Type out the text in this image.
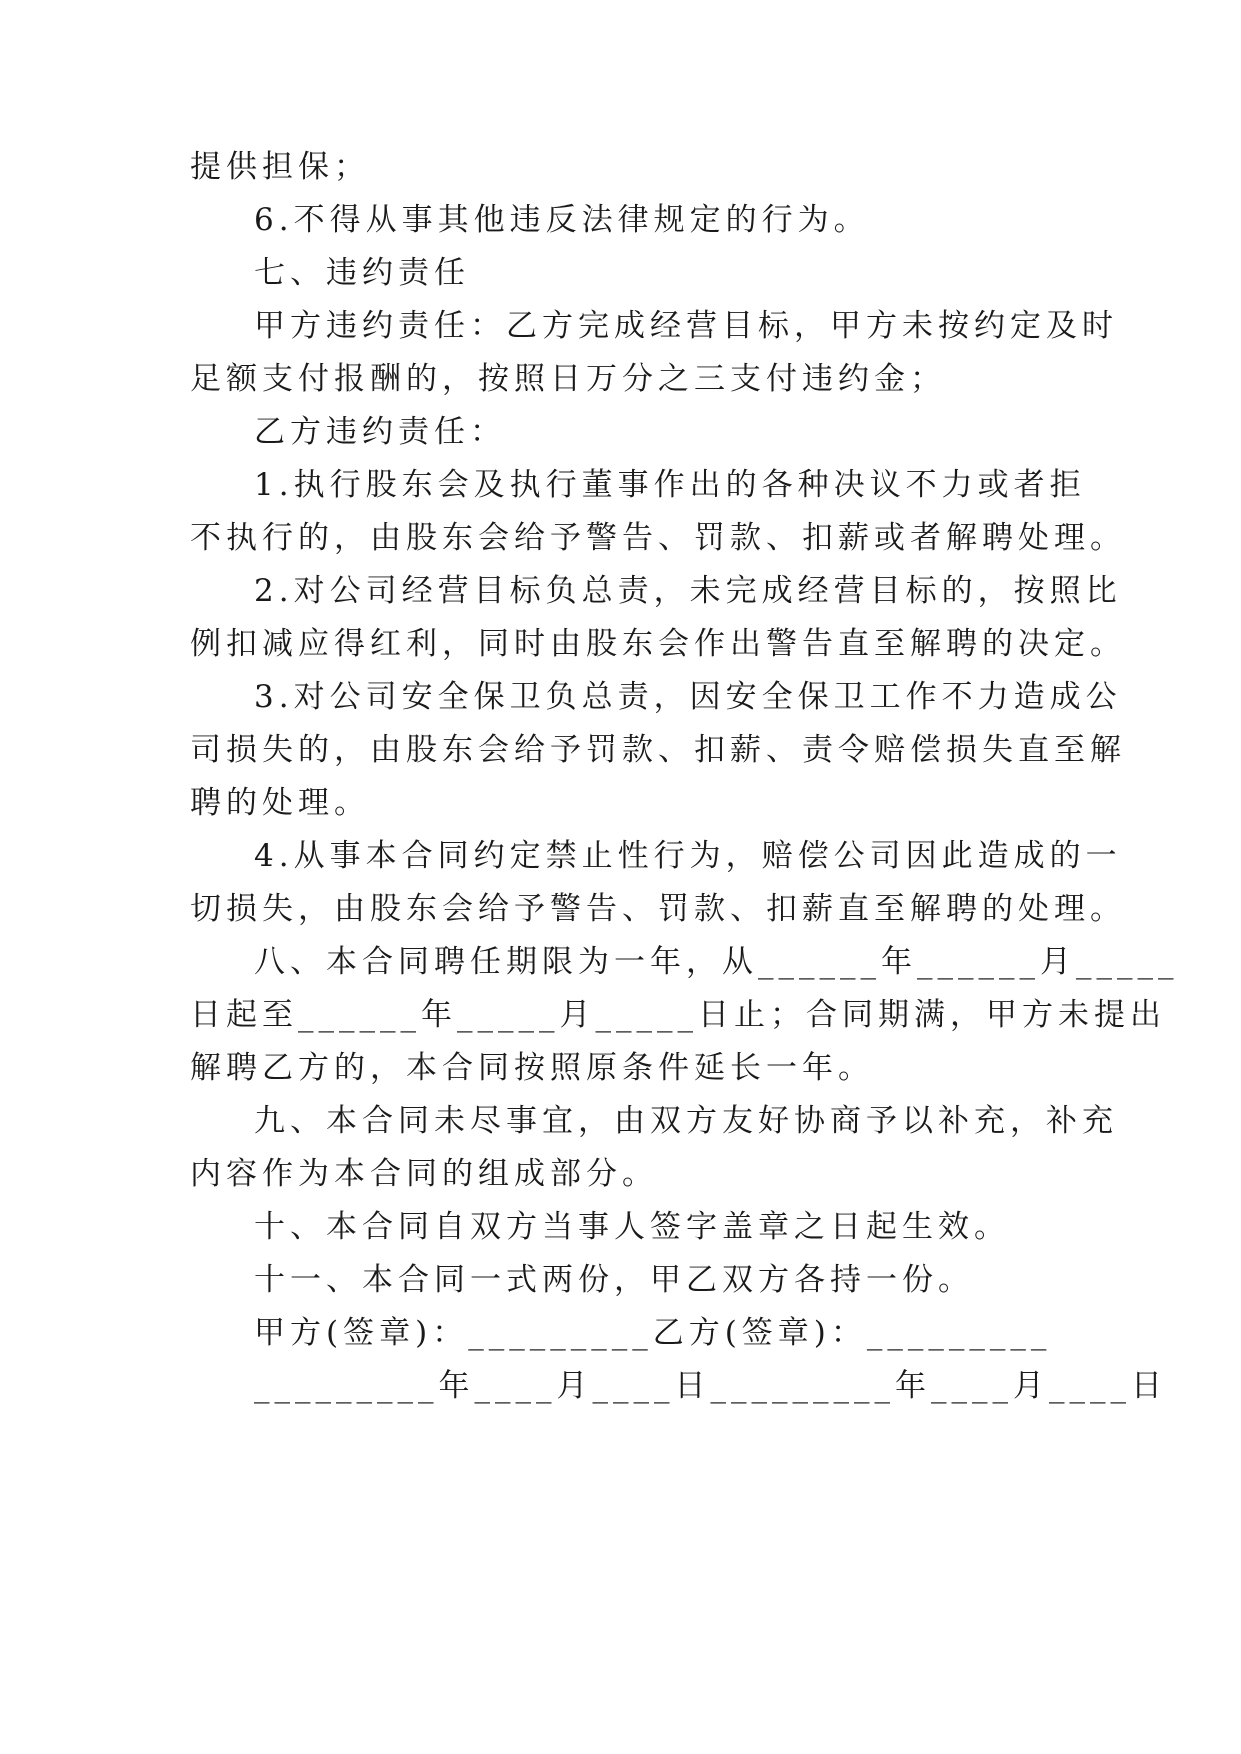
提供担保；
6.不得从事其他违反法律规定的行为。
七、违约责任
甲方违约责任：乙方完成经营目标，甲方未按约定及时
足额支付报酬的，按照日万分之三支付违约金；
乙方违约责任：
1.执行股东会及执行董事作出的各种决议不力或者拒
不执行的，由股东会给予警告、罚款、扣薪或者解聘处理。
2.对公司经营目标负总责，未完成经营目标的，按照比
例扣减应得红利，同时由股东会作出警告直至解聘的决定。
3.对公司安全保卫负总责，因安全保卫工作不力造成公
司损失的，由股东会给予罚款、扣薪、责令赔偿损失直至解
聘的处理。
4.从事本合同约定禁止性行为，赔偿公司因此造成的一
切损失，由股东会给予警告、罚款、扣薪直至解聘的处理。
八、本合同聘任期限为一年，从______年______月_____
日起至______年_____月_____日止；合同期满，甲方未提出
解聘乙方的，本合同按照原条件延长一年。
九、本合同未尽事宜，由双方友好协商予以补充，补充
内容作为本合同的组成部分。
十、本合同自双方当事人签字盖章之日起生效。
十一、本合同一式两份，甲乙双方各持一份。
甲方(签章)：_________乙方(签章)：_________
_________年____月____日_________年____月____日
